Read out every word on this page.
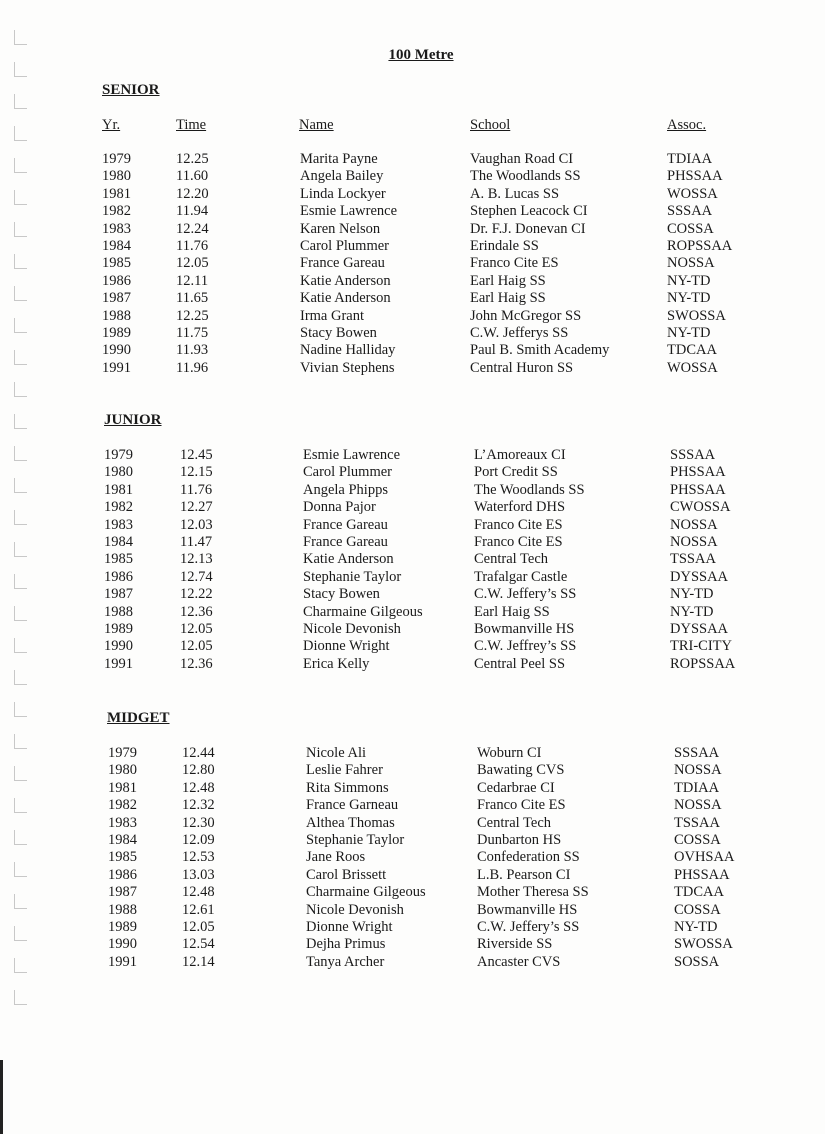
100 Metre
SENIOR
Yr.	Time	Name	School	Assoc.
1979	12.25	Marita Payne	Vaughan Road CI	TDIAA
1980	11.60	Angela Bailey	The Woodlands SS	PHSSAA
1981	12.20	Linda Lockyer	A. B. Lucas SS	WOSSA
1982	11.94	Esmie Lawrence	Stephen Leacock CI	SSSAA
1983	12.24	Karen Nelson	Dr. F.J. Donevan CI	COSSA
1984	11.76	Carol Plummer	Erindale SS	ROPSSAA
1985	12.05	France Gareau	Franco Cite ES	NOSSA
1986	12.11	Katie Anderson	Earl Haig SS	NY-TD
1987	11.65	Katie Anderson	Earl Haig SS	NY-TD
1988	12.25	Irma Grant	John McGregor SS	SWOSSA
1989	11.75	Stacy Bowen	C.W. Jefferys SS	NY-TD
1990	11.93	Nadine Halliday	Paul B. Smith Academy	TDCAA
1991	11.96	Vivian Stephens	Central Huron SS	WOSSA
JUNIOR
1979	12.45	Esmie Lawrence	L’Amoreaux CI	SSSAA
1980	12.15	Carol Plummer	Port Credit SS	PHSSAA
1981	11.76	Angela Phipps	The Woodlands SS	PHSSAA
1982	12.27	Donna Pajor	Waterford DHS	CWOSSA
1983	12.03	France Gareau	Franco Cite ES	NOSSA
1984	11.47	France Gareau	Franco Cite ES	NOSSA
1985	12.13	Katie Anderson	Central Tech	TSSAA
1986	12.74	Stephanie Taylor	Trafalgar Castle	DYSSAA
1987	12.22	Stacy Bowen	C.W. Jeffery’s SS	NY-TD
1988	12.36	Charmaine Gilgeous	Earl Haig SS	NY-TD
1989	12.05	Nicole Devonish	Bowmanville HS	DYSSAA
1990	12.05	Dionne Wright	C.W. Jeffrey’s SS	TRI-CITY
1991	12.36	Erica Kelly	Central Peel SS	ROPSSAA
MIDGET
1979	12.44	Nicole Ali	Woburn CI	SSSAA
1980	12.80	Leslie Fahrer	Bawating CVS	NOSSA
1981	12.48	Rita Simmons	Cedarbrae CI	TDIAA
1982	12.32	France Garneau	Franco Cite ES	NOSSA
1983	12.30	Althea Thomas	Central Tech	TSSAA
1984	12.09	Stephanie Taylor	Dunbarton HS	COSSA
1985	12.53	Jane Roos	Confederation SS	OVHSAA
1986	13.03	Carol Brissett	L.B. Pearson CI	PHSSAA
1987	12.48	Charmaine Gilgeous	Mother Theresa SS	TDCAA
1988	12.61	Nicole Devonish	Bowmanville HS	COSSA
1989	12.05	Dionne Wright	C.W. Jeffery’s SS	NY-TD
1990	12.54	Dejha Primus	Riverside SS	SWOSSA
1991	12.14	Tanya Archer	Ancaster CVS	SOSSA
